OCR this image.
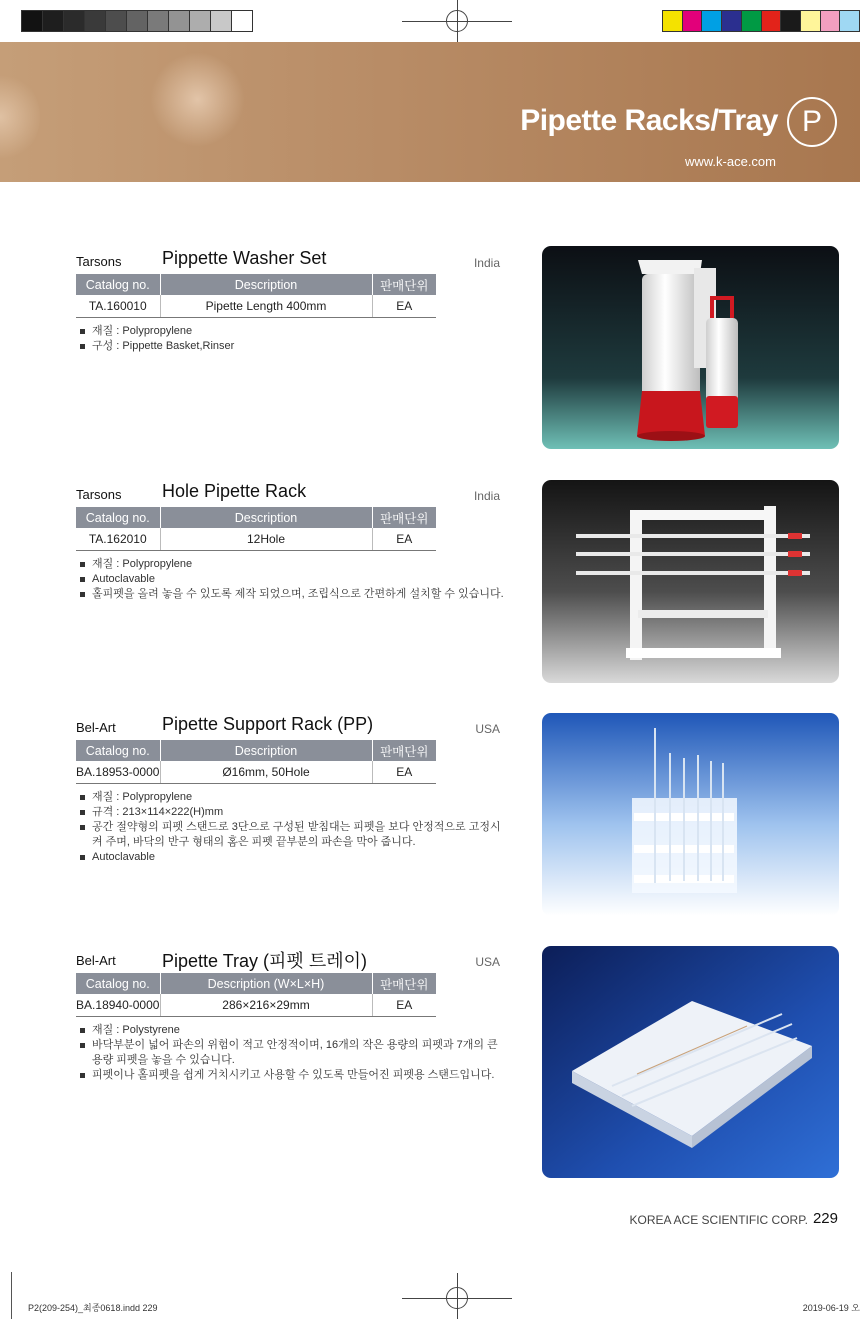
Pipette Racks/Tray P
www.k-ace.com
Tarsons Pippette Washer Set	India
Catalog no.	Description	판매단위
TA.160010	Pipette Length 400mm	EA
재질 : Polypropylene
구성 : Pippette Basket,Rinser
Tarsons Hole Pipette Rack	India
Catalog no.	Description	판매단위
TA.162010	12Hole	EA
재질 : Polypropylene
Autoclavable
홀피펫을 올려 놓을 수 있도록 제작 되었으며, 조립식으로 간편하게 설치할 수 있습니다.
Bel-Art	Pipette Support Rack (PP)	USA
Catalog no.	Description	판매단위
BA.18953-0000	Ø16mm, 50Hole	EA
재질 : Polypropylene
규격 : 213×114×222(H)mm
공간 절약형의 피펫 스탠드로 3단으로 구성된 받침대는 피펫을 보다 안정적으로 고정시켜 주며, 바닥의 반구 형태의 홈은 피펫 끝부분의 파손을 막아 줍니다.
Autoclavable
Bel-Art	Pipette Tray (피펫 트레이)	USA
Catalog no.	Description (W×L×H)	판매단위
BA.18940-0000	286×216×29mm	EA
재질 : Polystyrene
바닥부분이 넓어 파손의 위험이 적고 안정적이며, 16개의 작은 용량의 피펫과 7개의 큰 용량 피펫을 놓을 수 있습니다.
피펫이나 홀피펫을 쉽게 거치시키고 사용할 수 있도록 만들어진 피펫용 스탠드입니다.
KOREA ACE SCIENTIFIC CORP. 229
P2(209-254)_최종0618.indd 229	2019-06-19 오
